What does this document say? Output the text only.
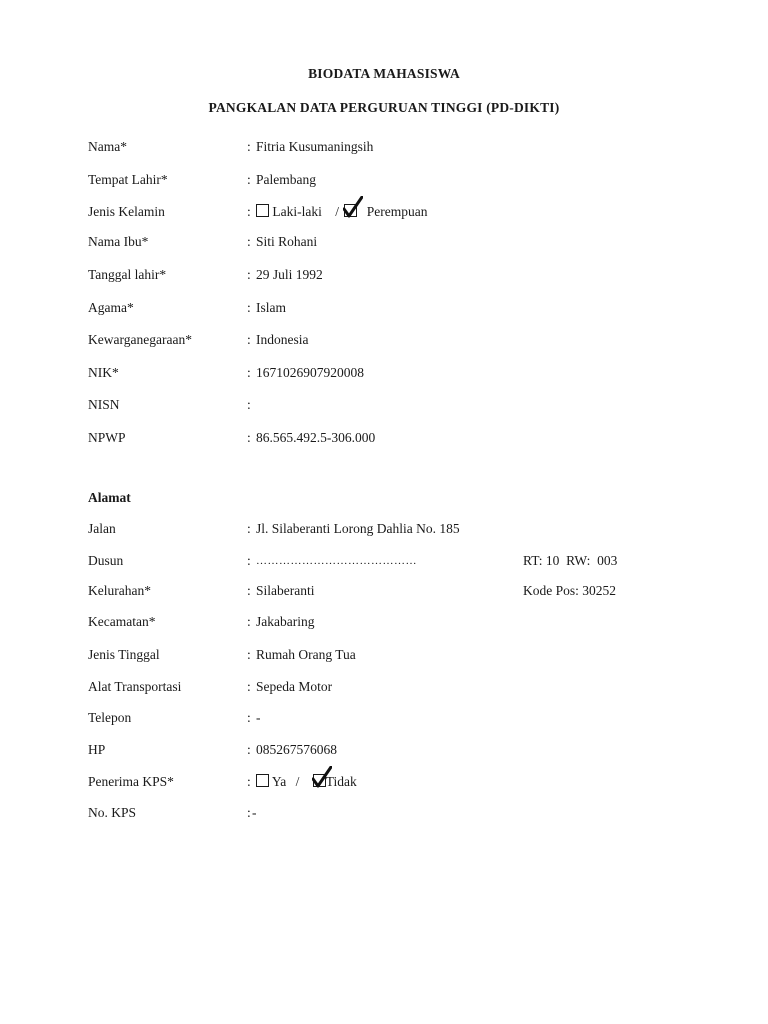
BIODATA MAHASISWA
PANGKALAN DATA PERGURUAN TINGGI (PD-DIKTI)
Nama*	: Fitria Kusumaningsih
Tempat Lahir*	: Palembang
Jenis Kelamin	:	Laki-laki / Perempuan
Nama Ibu*	: Siti Rohani
Tanggal lahir*	: 29 Juli 1992
Agama*	: Islam
Kewarganegaraan*	: Indonesia
NIK*	: 1671026907920008
NISN	:
NPWP	: 86.565.492.5-306.000
Alamat
Jalan	: Jl. Silaberanti Lorong Dahlia No. 185
Dusun	: ……………………………………	RT: 10  RW:  003
Kelurahan*	: Silaberanti	Kode Pos: 30252
Kecamatan*	: Jakabaring
Jenis Tinggal	: Rumah Orang Tua
Alat Transportasi	: Sepeda Motor
Telepon	: -
HP	: 085267576068
Penerima KPS*	:	Ya / Tidak
No. KPS	: -
